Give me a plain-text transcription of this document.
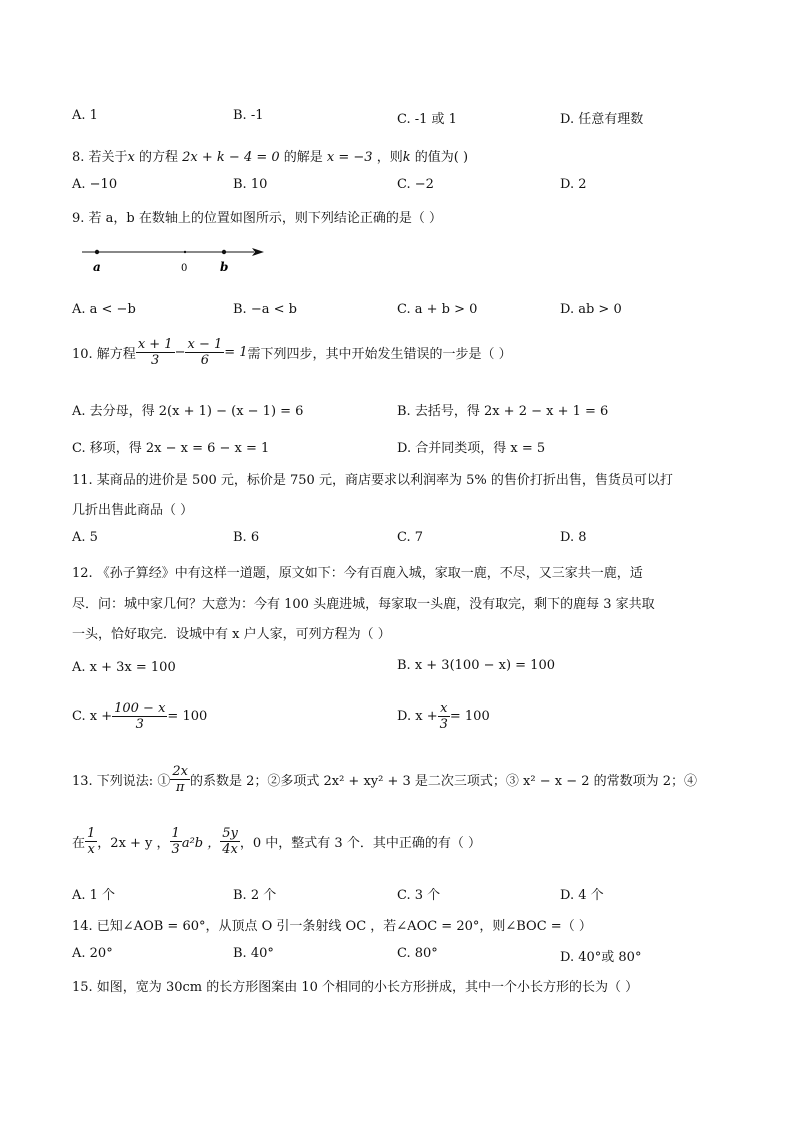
A. 1	B. -1	C. -1 或 1	D. 任意有理数
8. 若关于x 的方程 2x + k − 4 = 0 的解是 x = −3 ，则k 的值为( )
A. −10	B. 10	C. −2	D. 2
9. 若 a，b 在数轴上的位置如图所示，则下列结论正确的是（ ）
a	0	b
A. a < −b	B. −a < b	C. a + b > 0	D. ab > 0
10. 解方程 $\frac{x + 1}{3} - \frac{x - 1}{6} = 1$需下列四步，其中开始发生错误的一步是（ ）
A. 去分母，得 2(x + 1) − (x − 1) = 6	B. 去括号，得 2x + 2 − x + 1 = 6
C. 移项，得 2x − x = 6 − x = 1	D. 合并同类项，得 x = 5
11. 某商品的进价是 500 元，标价是 750 元，商店要求以利润率为 5% 的售价打折出售，售货员可以打
几折出售此商品（ ）
A. 5	B. 6	C. 7	D. 8
12. 《孙子算经》中有这样一道题，原文如下：今有百鹿入城，家取一鹿，不尽，又三家共一鹿，适
尽．问：城中家几何？大意为：今有 100 头鹿进城，每家取一头鹿，没有取完，剩下的鹿每 3 家共取
一头，恰好取完．设城中有 x 户人家，可列方程为（ ）
A. x + 3x = 100	B. x + 3(100 − x) = 100
C. $x + \frac{100 - x}{3} = 100$	D. $x + \frac{x}{3} = 100$
13. 下列说法: ① $\frac{2x}{\pi}$ 的系数是 2；②多项式 2x² + xy² + 3 是二次三项式；③ x² − x − 2 的常数项为 2；④
在 $\frac{1}{x}$ ，2x + y ， $\frac{1}{3} a^2b$ ， $\frac{5y}{4x}$ ，0 中，整式有 3 个．其中正确的有（ ）
A. 1 个	B. 2 个	C. 3 个	D. 4 个
14. 已知∠AOB = 60°，从顶点 O 引一条射线 OC ，若∠AOC = 20°，则∠BOC =（ ）
A. 20°	B. 40°	C. 80°	D. 40°或 80°
15. 如图，宽为 30cm 的长方形图案由 10 个相同的小长方形拼成，其中一个小长方形的长为（ ）
